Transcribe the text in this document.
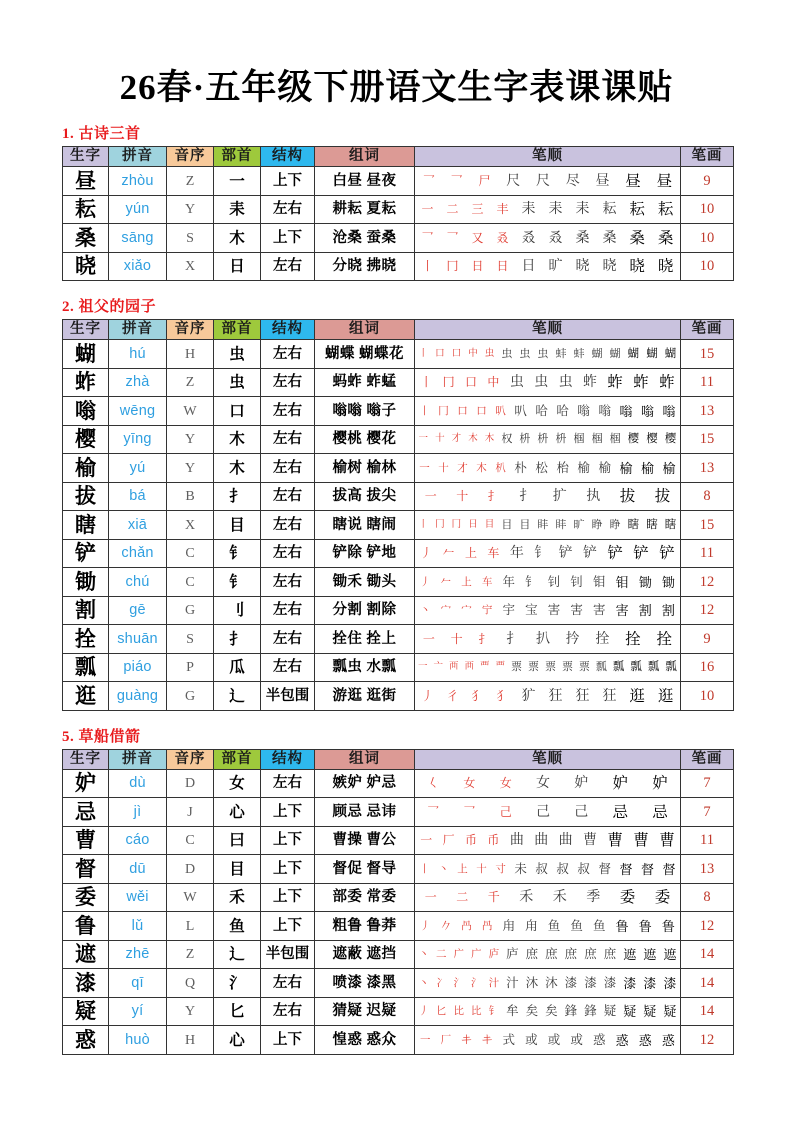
26春·五年级下册语文生字表课课贴
1. 古诗三首
生字	拼音	音序	部首	结构	组词	笔顺	笔画
昼	zhòu	Z	一	上下	白昼 昼夜	乛 乛 尸 尺 尺 尽 昼 昼 昼	9
耘	yún	Y	耒	左右	耕耘 夏耘	一 二 三 丰 耒 耒 耒 耘 耘 耘	10
桑	sāng	S	木	上下	沧桑 蚕桑	乛 乛 又 叒 叒 叒 桑 桑 桑 桑	10
晓	xiǎo	X	日	左右	分晓 拂晓	丨 冂 日 日 日 旷 晓 晓 晓 晓	10
2. 祖父的园子
生字	拼音	音序	部首	结构	组词	笔顺	笔画
蝴	hú	H	虫	左右	蝴蝶 蝴蝶花	丨 口 口 中 虫 虫 虫 虫 蚌 蚌 蝴 蝴 蝴 蝴 蝴	15
蚱	zhà	Z	虫	左右	蚂蚱 蚱蜢	丨 冂 口 中 虫 虫 虫 蚱 蚱 蚱 蚱	11
嗡	wēng	W	口	左右	嗡嗡 嗡子	丨 冂 口 口 叭 叭 哈 哈 嗡 嗡 嗡 嗡 嗡	13
樱	yīng	Y	木	左右	樱桃 樱花	一 十 才 木 木 权 枡 枡 枡 椢 椢 椢 樱 樱 樱	15
榆	yú	Y	木	左右	榆树 榆林	一 十 才 木 朳 朴 松 枱 榆 榆 榆 榆 榆	13
拔	bá	B	扌	左右	拔高 拔尖	一 十 扌 扌 扩 执 拔 拔	8
瞎	xiā	X	目	左右	瞎说 瞎闹	丨 冂 冂 日 目 目 目 盽 盽 旷 睁 睁 瞎 瞎 瞎	15
铲	chǎn	C	钅	左右	铲除 铲地	丿 𠂉 上 车 年 钅 铲 铲 铲 铲 铲	11
锄	chú	C	钅	左右	锄禾 锄头	丿 𠂉 上 车 年 钅 钊 钊 钼 钼 锄 锄	12
割	gē	G	刂	左右	分割 割除	丶 宀 宀 宁 宇 宝 害 害 害 害 割 割	12
拴	shuān	S	扌	左右	拴住 拴上	一 十 扌 扌 扒 扲 拴 拴 拴	9
瓢	piáo	P	瓜	左右	瓢虫 水瓢	一 亠 襾 襾 覀 覀 票 票 票 票 票 瓢 瓢 瓢 瓢 瓢	16
逛	guàng	G	辶	半包围	游逛 逛街	丿 彳 犭 犭 犷 狂 狂 狂 逛 逛	10
5. 草船借箭
生字	拼音	音序	部首	结构	组词	笔顺	笔画
妒	dù	D	女	左右	嫉妒 妒忌	𡿨 女 女 女 妒 妒 妒	7
忌	jì	J	心	上下	顾忌 忌讳	乛 乛 己 己 己 忌 忌	7
曹	cáo	C	曰	上下	曹操 曹公	一 厂 币 币 曲 曲 曲 曹 曹 曹 曹	11
督	dū	D	目	上下	督促 督导	丨 丶 上 十 寸 未 叔 叔 叔 督 督 督 督	13
委	wěi	W	禾	上下	部委 常委	一 二 千 禾 禾 季 委 委	8
鲁	lǔ	L	鱼	上下	粗鲁 鲁莽	丿 𠂊 冎 冎 甪 甪 鱼 鱼 鱼 鲁 鲁 鲁	12
遮	zhē	Z	辶	半包围	遮蔽 遮挡	丶 二 广 广 庐 庐 庶 庶 庶 庶 庶 遮 遮 遮	14
漆	qī	Q	氵	左右	喷漆 漆黑	丶 冫 氵 氵 汁 汁 沐 沐 漆 漆 漆 漆 漆 漆	14
疑	yí	Y	匕	左右	猜疑 迟疑	丿 匕 比 比 钅 牟 矣 矣 鋒 鋒 疑 疑 疑 疑	14
惑	huò	H	心	上下	惶惑 惑众	一 厂 𰀁 𰀁 式 或 或 或 惑 惑 惑 惑	12
